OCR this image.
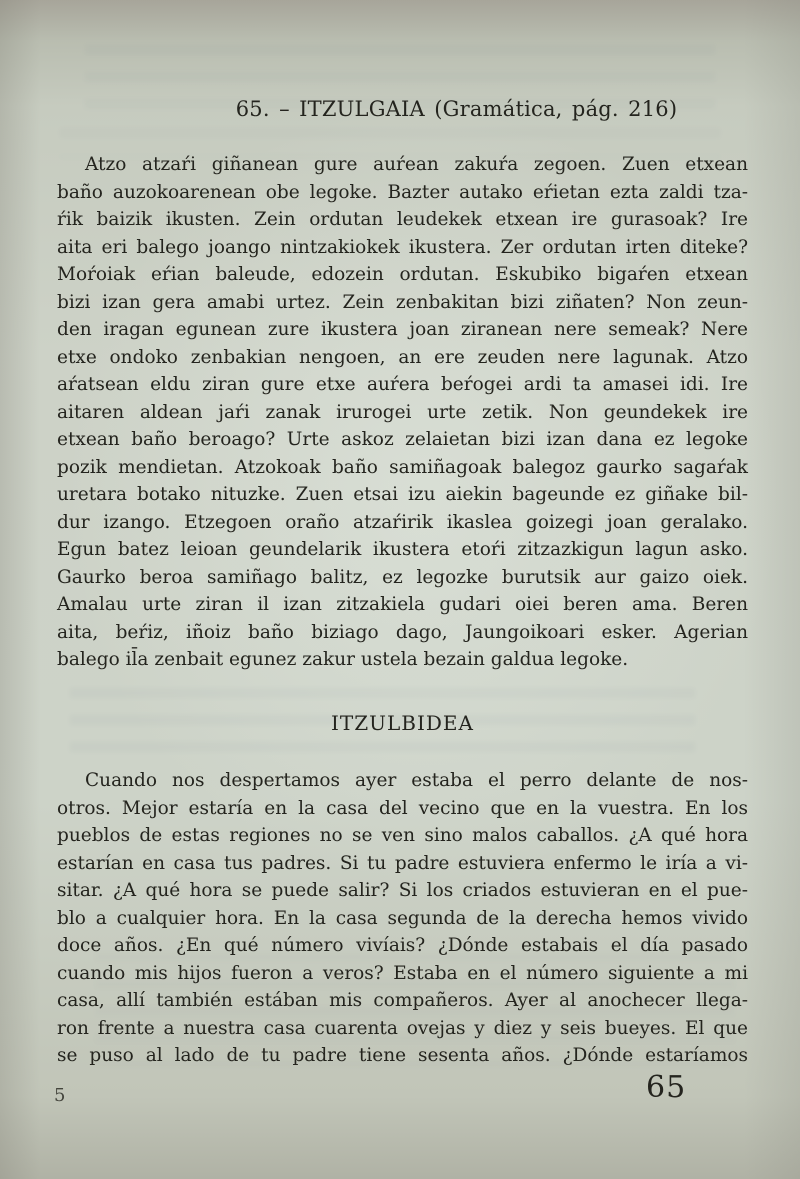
65. – ITZULGAIA (Gramática, pág. 216)
Atzo atzaŕi giñanean gure auŕean zakuŕa zegoen. Zuen etxean
baño auzokoarenean obe legoke. Bazter autako eŕietan ezta zaldi tza-
ŕik baizik ikusten. Zein ordutan leudekek etxean ire gurasoak? Ire
aita eri balego joango nintzakiokek ikustera. Zer ordutan irten diteke?
Moŕoiak eŕian baleude, edozein ordutan. Eskubiko bigaŕen etxean
bizi izan gera amabi urtez. Zein zenbakitan bizi ziñaten? Non zeun-
den iragan egunean zure ikustera joan ziranean nere semeak? Nere
etxe ondoko zenbakian nengoen, an ere zeuden nere lagunak. Atzo
aŕatsean eldu ziran gure etxe auŕera beŕogei ardi ta amasei idi. Ire
aitaren aldean jaŕi zanak irurogei urte zetik. Non geundekek ire
etxean baño beroago? Urte askoz zelaietan bizi izan dana ez legoke
pozik mendietan. Atzokoak baño samiñagoak balegoz gaurko sagaŕak
uretara botako nituzke. Zuen etsai izu aiekin bageunde ez giñake bil-
dur izango. Etzegoen oraño atzaŕirik ikaslea goizegi joan geralako.
Egun batez leioan geundelarik ikustera etoŕi zitzazkigun lagun asko.
Gaurko beroa samiñago balitz, ez legozke burutsik aur gaizo oiek.
Amalau urte ziran il izan zitzakiela gudari oiei beren ama. Beren
aita, beŕiz, iñoiz baño biziago dago, Jaungoikoari esker. Agerian
balego il̄a zenbait egunez zakur ustela bezain galdua legoke.
ITZULBIDEA
Cuando nos despertamos ayer estaba el perro delante de nos-
otros. Mejor estaría en la casa del vecino que en la vuestra. En los
pueblos de estas regiones no se ven sino malos caballos. ¿A qué hora
estarían en casa tus padres. Si tu padre estuviera enfermo le iría a vi-
sitar. ¿A qué hora se puede salir? Si los criados estuvieran en el pue-
blo a cualquier hora. En la casa segunda de la derecha hemos vivido
doce años. ¿En qué número vivíais? ¿Dónde estabais el día pasado
cuando mis hijos fueron a veros? Estaba en el número siguiente a mi
casa, allí también estában mis compañeros. Ayer al anochecer llega-
ron frente a nuestra casa cuarenta ovejas y diez y seis bueyes. El que
se puso al lado de tu padre tiene sesenta años. ¿Dónde estaríamos
5	65
